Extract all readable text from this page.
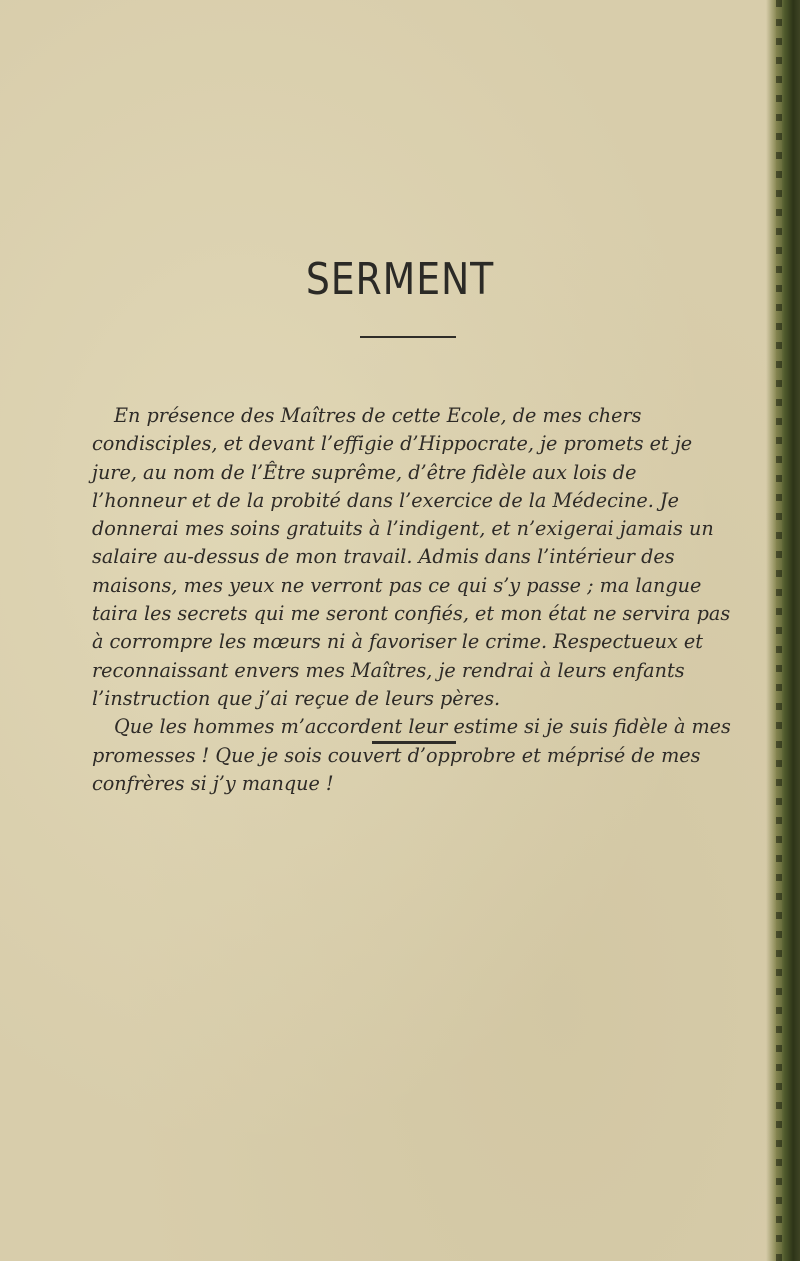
SERMENT

En présence des Maîtres de cette Ecole, de mes chers condisciples, et devant l’effigie d’Hippocrate, je promets et je jure, au nom de l’Être suprême, d’être fidèle aux lois de l’honneur et de la probité dans l’exercice de la Médecine. Je donnerai mes soins gratuits à l’indigent, et n’exigerai jamais un salaire au-dessus de mon travail. Admis dans l’intérieur des maisons, mes yeux ne verront pas ce qui s’y passe ; ma langue taira les secrets qui me seront confiés, et mon état ne servira pas à corrompre les mœurs ni à favoriser le crime. Respectueux et reconnaissant envers mes Maîtres, je rendrai à leurs enfants l’instruction que j’ai reçue de leurs pères.

Que les hommes m’accordent leur estime si je suis fidèle à mes promesses ! Que je sois couvert d’opprobre et méprisé de mes confrères si j’y manque !
